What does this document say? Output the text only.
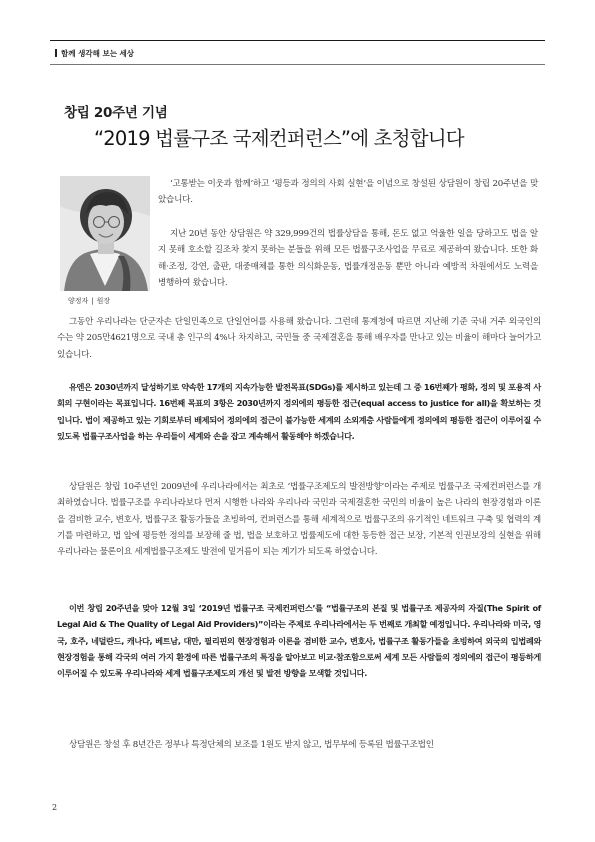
함께 생각해 보는 세상
창립 20주년 기념
“2019 법률구조 국제컨퍼런스”에 초청합니다
양정자 | 원장

‘고통받는 이웃과 함께’하고 ‘평등과 정의의 사회 실현’을 이념으로 창설된 상담원이 창립 20주년을 맞았습니다.

지난 20년 동안 상담원은 약 329,999건의 법률상담을 통해, 돈도 없고 억울한 일을 당하고도 법을 알지 못해 호소할 길조차 찾지 못하는 분들을 위해 모든 법률구조사업을 무료로 제공하여 왔습니다. 또한 화해·조정, 강연, 출판, 대중매체를 통한 의식화운동, 법률개정운동 뿐만 아니라 예방적 차원에서도 노력을 병행하여 왔습니다.

그동안 우리나라는 단군자손 단일민족으로 단일언어를 사용해 왔습니다. 그런데 통계청에 따르면 지난해 기준 국내 거주 외국인의 수는 약 205만4621명으로 국내 총 인구의 4%나 차지하고, 국민들 중 국제결혼을 통해 배우자를 만나고 있는 비율이 해마다 늘어가고 있습니다.

유엔은 2030년까지 달성하기로 약속한 17개의 지속가능한 발전목표(SDGs)를 제시하고 있는데 그 중 16번째가 평화, 정의 및 포용적 사회의 구현이라는 목표입니다. 16번째 목표의 3항은 2030년까지 정의에의 평등한 접근(equal access to justice for all)을 확보하는 것입니다. 법이 제공하고 있는 기회로부터 배제되어 정의에의 접근이 불가능한 세계의 소외계층 사람들에게 정의에의 평등한 접근이 이루어질 수 있도록 법률구조사업을 하는 우리들이 세계와 손을 잡고 계속해서 활동해야 하겠습니다.

상담원은 창립 10주년인 2009년에 우리나라에서는 최초로 ‘법률구조제도의 발전방향’이라는 주제로 법률구조 국제컨퍼런스를 개최하였습니다. 법률구조를 우리나라보다 먼저 시행한 나라와 우리나라 국민과 국제결혼한 국민의 비율이 높은 나라의 현장경험과 이론을 겸비한 교수, 변호사, 법률구조 활동가들을 초빙하여, 컨퍼런스를 통해 세계적으로 법률구조의 유기적인 네트워크 구축 및 협력의 계기를 마련하고, 법 앞에 평등한 정의를 보장해 줄 법, 법을 보호하고 법률제도에 대한 동등한 접근 보장, 기본적 인권보장의 실현을 위해 우리나라는 물론이요 세계법률구조제도 발전에 밑거름이 되는 계기가 되도록 하였습니다.

이번 창립 20주년을 맞아 12월 3일 ‘2019년 법률구조 국제컨퍼런스’를 “법률구조의 본질 및 법률구조 제공자의 자질(The Spirit of Legal Aid & The Quality of Legal Aid Providers)”이라는 주제로 우리나라에서는 두 번째로 개최할 예정입니다. 우리나라와 미국, 영국, 호주, 네덜란드, 캐나다, 베트남, 대만, 필리핀의 현장경험과 이론을 겸비한 교수, 변호사, 법률구조 활동가들을 초빙하여 외국의 입법례와 현장경험을 통해 각국의 여러 가지 환경에 따른 법률구조의 특징을 알아보고 비교·참조함으로써 세계 모든 사람들의 정의에의 접근이 평등하게 이루어질 수 있도록 우리나라와 세계 법률구조제도의 개선 및 발전 방향을 모색할 것입니다.

상담원은 창설 후 8년간은 정부나 특정단체의 보조를 1원도 받지 않고, 법무부에 등록된 법률구조법인

2
